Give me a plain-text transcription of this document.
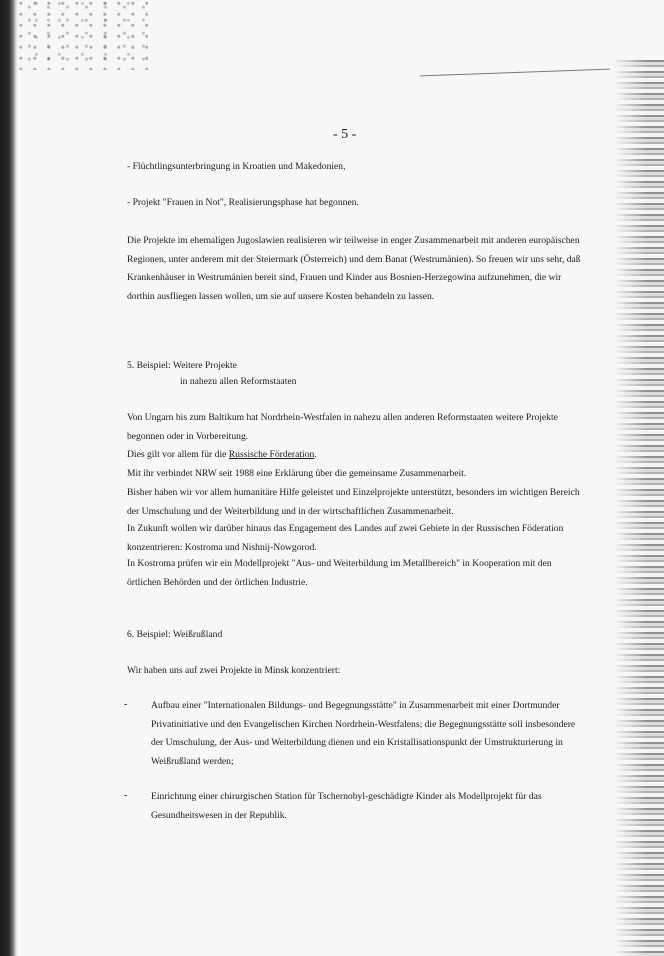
- 5 -

- Flüchtlingsunterbringung in Kroatien und Makedonien,

- Projekt "Frauen in Not", Realisierungsphase hat begonnen.

Die Projekte im ehemaligen Jugoslawien realisieren wir teilweise in enger Zusammenarbeit mit anderen europäischen Regionen, unter anderem mit der Steiermark (Österreich) und dem Banat (Westrumänien). So freuen wir uns sehr, daß Krankenhäuser in Westrumänien bereit sind, Frauen und Kinder aus Bosnien-Herzegowina aufzunehmen, die wir dorthin ausfliegen lassen wollen, um sie auf unsere Kosten behandeln zu lassen.

5. Beispiel: Weitere Projekte

in nahezu allen Reformstaaten

Von Ungarn bis zum Baltikum hat Nordrhein-Westfalen in nahezu allen anderen Reformstaaten weitere Projekte begonnen oder in Vorbereitung.

Dies gilt vor allem für die Russische Förderation.

Mit ihr verbindet NRW seit 1988 eine Erklärung über die gemeinsame Zusammenarbeit.

Bisher haben wir vor allem humanitäre Hilfe geleistet und Einzelprojekte unterstützt, besonders im wichtigen Bereich der Umschulung und der Weiterbildung und in der wirtschaftlichen Zusammenarbeit.

In Zukunft wollen wir darüber hinaus das Engagement des Landes auf zwei Gebiete in der Russischen Föderation konzentrieren: Kostroma und Nishnij-Nowgorod.

In Kostroma prüfen wir ein Modellprojekt "Aus- und Weiterbildung im Metallbereich" in Kooperation mit den örtlichen Behörden und der örtlichen Industrie.

6. Beispiel: Weißrußland

Wir haben uns auf zwei Projekte in Minsk konzentriert:

- Aufbau einer "Internationalen Bildungs- und Begegnungsstätte" in Zusammenarbeit mit einer Dortmunder Privatinitiative und den Evangelischen Kirchen Nordrhein-Westfalens; die Begegnungsstätte soll insbesondere der Umschulung, der Aus- und Weiterbildung dienen und ein Kristallisationspunkt der Umstrukturierung in Weißrußland werden;

- Einrichtung einer chirurgischen Station für Tschernobyl-geschädigte Kinder als Modellprojekt für das Gesundheitswesen in der Republik.
